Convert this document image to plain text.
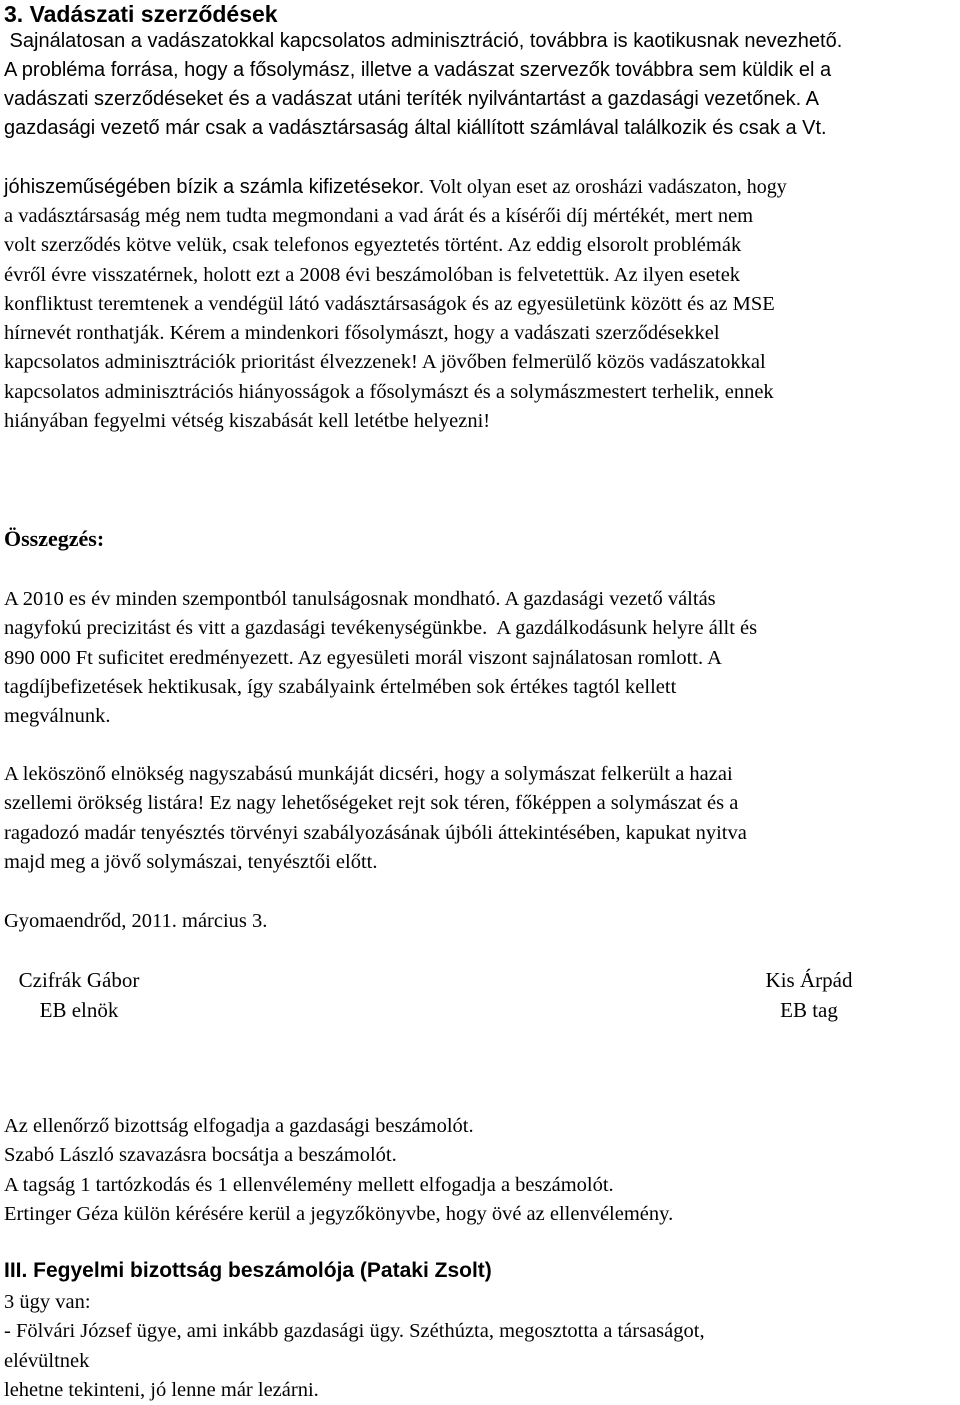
3. Vadászati szerződések
Sajnálatosan a vadászatokkal kapcsolatos adminisztráció, továbbra is kaotikusnak nevezhető.
A probléma forrása, hogy a fősolymász, illetve a vadászat szervezők továbbra sem küldik el a
vadászati szerződéseket és a vadászat utáni teríték nyilvántartást a gazdasági vezetőnek. A
gazdasági vezető már csak a vadásztársaság által kiállított számlával találkozik és csak a Vt.
jóhiszeműségében bízik a számla kifizetésekor. Volt olyan eset az orosházi vadászaton, hogy
a vadásztársaság még nem tudta megmondani a vad árát és a kísérői díj mértékét, mert nem
volt szerződés kötve velük, csak telefonos egyeztetés történt. Az eddig elsorolt problémák
évről évre visszatérnek, holott ezt a 2008 évi beszámolóban is felvetettük. Az ilyen esetek
konfliktust teremtenek a vendégül látó vadásztársaságok és az egyesületünk között és az MSE
hírnevét ronthatják. Kérem a mindenkori fősolymászt, hogy a vadászati szerződésekkel
kapcsolatos adminisztrációk prioritást élvezzenek! A jövőben felmerülő közös vadászatokkal
kapcsolatos adminisztrációs hiányosságok a fősolymászt és a solymászmestert terhelik, ennek
hiányában fegyelmi vétség kiszabását kell letétbe helyezni!
Összegzés:
A 2010 es év minden szempontból tanulságosnak mondható. A gazdasági vezető váltás
nagyfokú precizitást és vitt a gazdasági tevékenységünkbe.  A gazdálkodásunk helyre állt és
890 000 Ft suficitet eredményezett. Az egyesületi morál viszont sajnálatosan romlott. A
tagdíjbefizetések hektikusak, így szabályaink értelmében sok értékes tagtól kellett
megválnunk.
A leköszönő elnökség nagyszabású munkáját dicséri, hogy a solymászat felkerült a hazai
szellemi örökség listára! Ez nagy lehetőségeket rejt sok téren, főképpen a solymászat és a
ragadozó madár tenyésztés törvényi szabályozásának újbóli áttekintésében, kapukat nyitva
majd meg a jövő solymászai, tenyésztői előtt.
Gyomaendrőd, 2011. március 3.
Czifrák Gábor
EB elnök
Kis Árpád
EB tag
Az ellenőrző bizottság elfogadja a gazdasági beszámolót.
Szabó László szavazásra bocsátja a beszámolót.
A tagság 1 tartózkodás és 1 ellenvélemény mellett elfogadja a beszámolót.
Ertinger Géza külön kérésére kerül a jegyzőkönyvbe, hogy övé az ellenvélemény.
III. Fegyelmi bizottság beszámolója (Pataki Zsolt)
3 ügy van:
- Fölvári József ügye, ami inkább gazdasági ügy. Széthúzta, megosztotta a társaságot,
elévültnek
lehetne tekinteni, jó lenne már lezárni.
